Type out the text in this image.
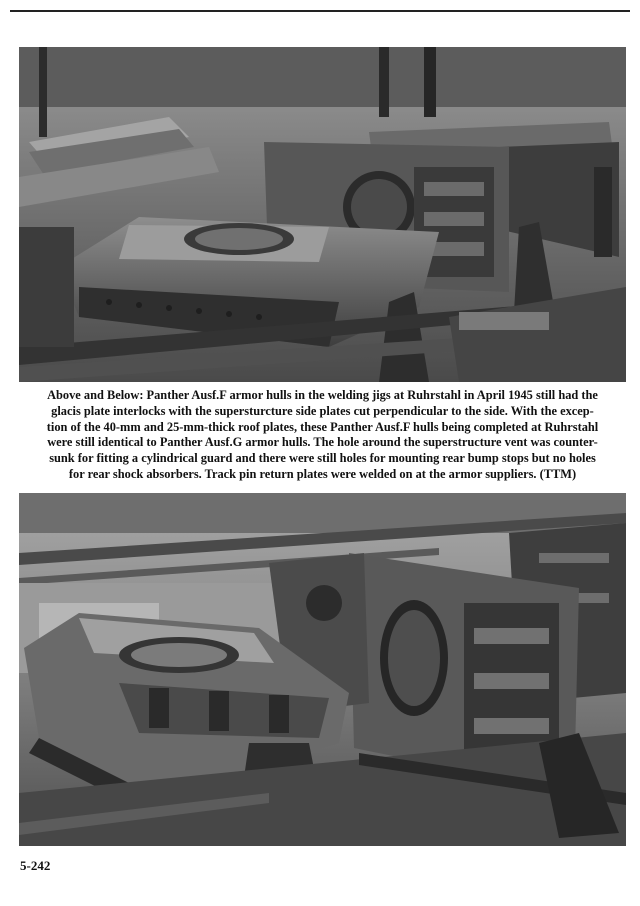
Above and Below: Panther Ausf.F armor hulls in the welding jigs at Ruhrstahl in April 1945 still had the
glacis plate interlocks with the supersturcture side plates cut perpendicular to the side. With the excep-
tion of the 40-mm and 25-mm-thick roof plates, these Panther Ausf.F hulls being completed at Ruhrstahl
were still identical to Panther Ausf.G armor hulls. The hole around the superstructure vent was counter-
sunk for fitting a cylindrical guard and there were still holes for mounting rear bump stops but no holes
for rear shock absorbers. Track pin return plates were welded on at the armor suppliers. (TTM)

5-242
